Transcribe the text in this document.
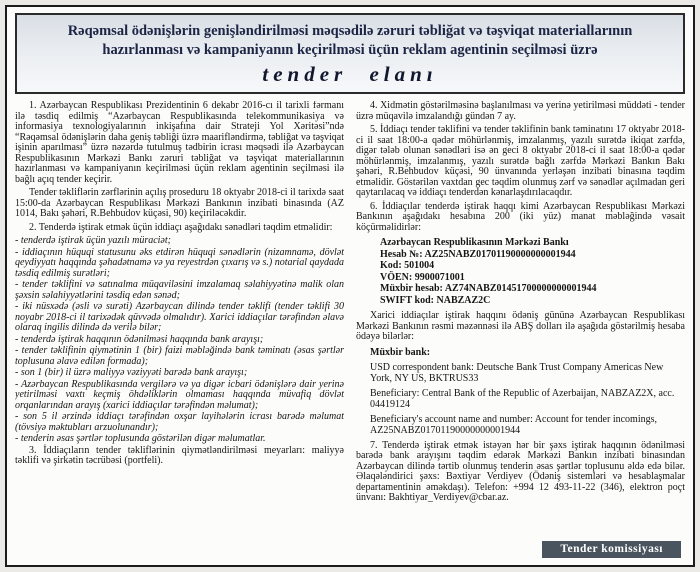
Rəqəmsal ödənişlərin genişləndirilməsi məqsədilə zəruri təbliğat və təşviqat materiallarının hazırlanması və kampaniyanın keçirilməsi üçün reklam agentinin seçilməsi üzrə
tender elanı

1. Azərbaycan Respublikası Prezidentinin 6 dekabr 2016-cı il tarixli fərmanı ilə təsdiq edilmiş “Azərbaycan Respublikasında telekommunikasiya və informasiya texnologiyalarının inkişafına dair Strateji Yol Xəritəsi”ndə “Rəqəmsal ödənişlərin daha geniş təbliği üzrə maarifləndirmə, təbliğat və təşviqat işinin aparılması” üzrə nəzərdə tutulmuş tədbirin icrası məqsədi ilə Azərbaycan Respublikasının Mərkəzi Bankı zəruri təbliğat və təşviqat materiallarının hazırlanması və kampaniyanın keçirilməsi üçün reklam agentinin seçilməsi ilə bağlı açıq tender keçirir.

Tender təkliflərin zərflərinin açılış proseduru 18 oktyabr 2018-ci il tarixdə saat 15:00-da Azərbaycan Respublikası Mərkəzi Bankının inzibati binasında (AZ 1014, Bakı şəhəri, R.Behbudov küçəsi, 90) keçiriləcəkdir.

2. Tenderdə iştirak etmək üçün iddiaçı aşağıdakı sənədləri təqdim etməlidir:

- tenderdə iştirak üçün yazılı müraciət;
- iddiaçının hüquqi statusunu əks etdirən hüquqi sənədlərin (nizamnamə, dövlət qeydiyyatı haqqında şəhadətnamə və ya reyestrdən çıxarış və s.) notarial qaydada təsdiq edilmiş surətləri;
- tender təklifini və satınalma müqaviləsini imzalamaq səlahiyyətinə malik olan şəxsin səlahiyyətlərini təsdiq edən sənəd;
- iki nüsxədə (əsli və surəti) Azərbaycan dilində tender təklifi (tender təklifi 30 noyabr 2018-ci il tarixədək qüvvədə olmalıdır). Xarici iddiaçılar tərəfindən əlavə olaraq ingilis dilində də verilə bilər;
- tenderdə iştirak haqqının ödənilməsi haqqında bank arayışı;
- tender təklifinin qiymətinin 1 (bir) faizi məbləğində bank təminatı (əsas şərtlər toplusuna əlavə edilən formada);
- son 1 (bir) il üzrə maliyyə vəziyyəti barədə bank arayışı;
- Azərbaycan Respublikasında vergilərə və ya digər icbari ödənişlərə dair yerinə yetirilməsi vaxtı keçmiş öhdəliklərin olmaması haqqında müvafiq dövlət orqanlarından arayış (xarici iddiaçılar tərəfindən məlumat);
- son 5 il ərzində iddiaçı tərəfindən oxşar layihələrin icrası barədə məlumat (tövsiyə məktubları arzuolunandır);
- tenderin əsas şərtlər toplusunda göstərilən digər məlumatlar.

3. İddiaçıların tender təkliflərinin qiymətləndirilməsi meyarları: maliyyə təklifi və şirkətin təcrübəsi (portfeli).

4. Xidmətin göstərilməsinə başlanılması və yerinə yetirilməsi müddəti - tender üzrə müqavilə imzalandığı gündən 7 ay.

5. İddiaçı tender təklifini və tender təklifinin bank təminatını 17 oktyabr 2018-ci il saat 18:00-a qədər möhürlənmiş, imzalanmış, yazılı surətdə ikiqat zərfdə, digər tələb olunan sənədləri isə ən geci 8 oktyabr 2018-ci il saat 18:00-a qədər möhürlənmiş, imzalanmış, yazılı surətdə bağlı zərfdə Mərkəzi Bankın Bakı şəhəri, R.Behbudov küçəsi, 90 ünvanında yerləşən inzibati binasına təqdim etməlidir. Göstərilən vaxtdan gec təqdim olunmuş zərf və sənədlər açılmadan geri qaytarılacaq və iddiaçı tenderdən kənarlaşdırılacaqdır.

6. İddiaçılar tenderdə iştirak haqqı kimi Azərbaycan Respublikası Mərkəzi Bankının aşağıdakı hesabına 200 (iki yüz) manat məbləğində vəsait köçürməlidirlər:

Azərbaycan Respublikasının Mərkəzi Bankı
Hesab №: AZ25NABZ01701190000000001944
Kod: 501004
VÖEN: 9900071001
Müxbir hesab: AZ74NABZ01451700000000001944
SWIFT kod: NABZAZ2C

Xarici iddiaçılar iştirak haqqını ödəniş gününə Azərbaycan Respublikası Mərkəzi Bankının rəsmi məzənnəsi ilə ABŞ dolları ilə aşağıda göstərilmiş hesaba ödəyə bilərlər:

Müxbir bank:
USD correspondent bank: Deutsche Bank Trust Company Americas New York, NY US, BKTRUS33
Beneficiary: Central Bank of the Republic of Azerbaijan, NABZAZ2X, acc. 04419124
Beneficiary's account name and number: Account for tender incomings, AZ25NABZ01701190000000001944

7. Tenderdə iştirak etmək istəyən hər bir şəxs iştirak haqqının ödənilməsi barədə bank arayışını təqdim edərək Mərkəzi Bankın inzibati binasından Azərbaycan dilində tərtib olunmuş tenderin əsas şərtlər toplusunu əldə edə bilər. Əlaqələndirici şəxs: Bəxtiyar Verdiyev (Ödəniş sistemləri və hesablaşmalar departamentinin əməkdaşı). Telefon: +994 12 493-11-22 (346), elektron poçt ünvanı: Bakhtiyar_Verdiyev@cbar.az.

Tender komissiyası
